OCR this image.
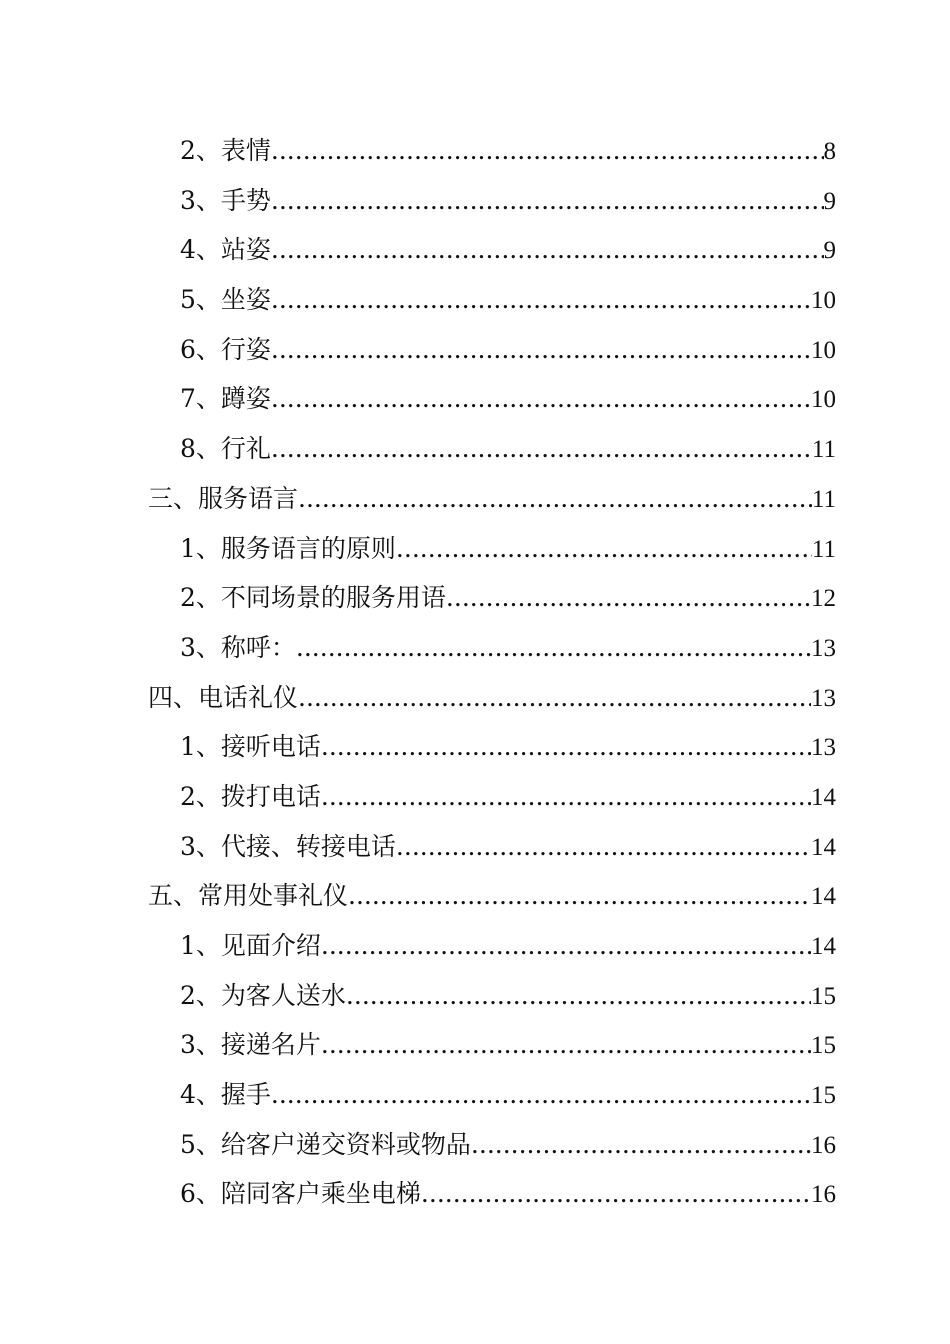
2、表情 .....	8
3、手势 .....	9
4、站姿 .....	9
5、坐姿 .....	10
6、行姿 .....	10
7、蹲姿 .....	10
8、行礼 .....	11
三、服务语言 .....	11
1、服务语言的原则 .....	11
2、不同场景的服务用语 .....	12
3、称呼： .....	13
四、电话礼仪 .....	13
1、接听电话 .....	13
2、拨打电话 .....	14
3、代接、转接电话 .....	14
五、常用处事礼仪 .....	14
1、见面介绍 .....	14
2、为客人送水 .....	15
3、接递名片 .....	15
4、握手 .....	15
5、给客户递交资料或物品 .....	16
6、陪同客户乘坐电梯 .....	16
